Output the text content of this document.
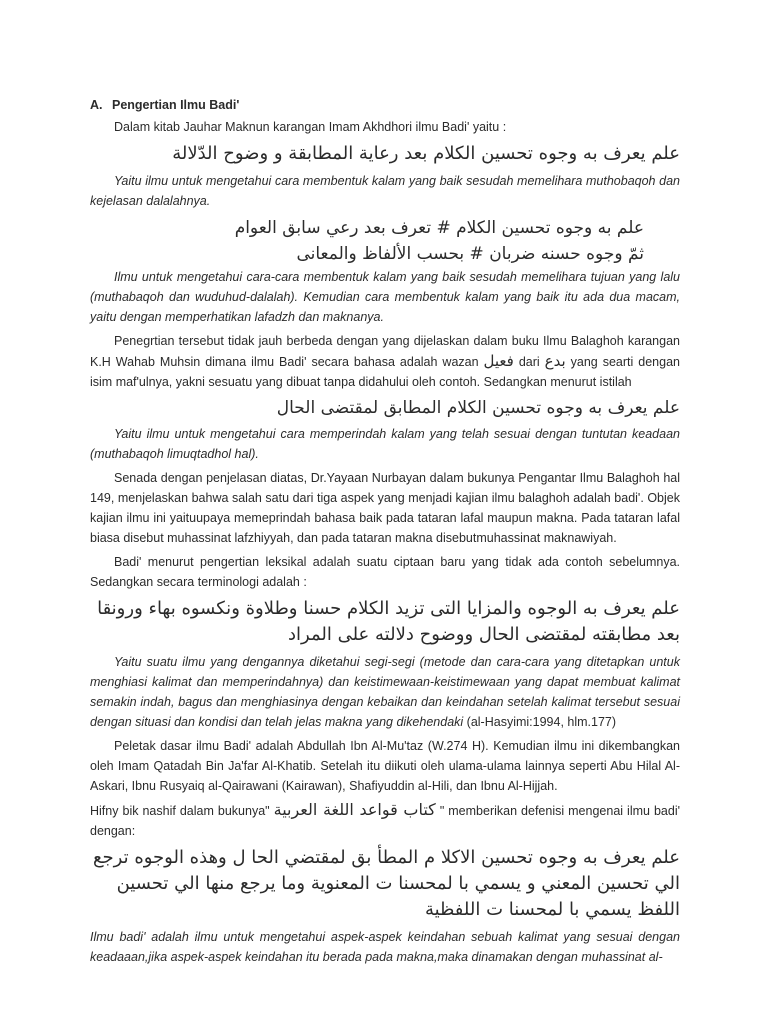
A. Pengertian Ilmu Badi'

Dalam kitab Jauhar Maknun karangan Imam Akhdhori ilmu Badi' yaitu :

علم يعرف به وجوه تحسين الكلام بعد رعاية المطابقة و وضوح الدّلالة

Yaitu ilmu untuk mengetahui cara membentuk kalam yang baik sesudah memelihara muthobaqoh dan kejelasan dalalahnya.

علم به وجوه تحسين الكلام # تعرف بعد رعي سابق العوام
ثمّ وجوه حسنه ضربان # بحسب الألفاظ والمعانى

Ilmu untuk mengetahui cara-cara membentuk kalam yang baik sesudah memelihara tujuan yang lalu (muthabaqoh dan wuduhud-dalalah). Kemudian cara membentuk kalam yang baik itu ada dua macam, yaitu dengan memperhatikan lafadzh dan maknanya.

Penegrtian tersebut tidak jauh berbeda dengan yang dijelaskan dalam buku Ilmu Balaghoh karangan K.H Wahab Muhsin dimana ilmu Badi' secara bahasa adalah wazan فعيل dari بدع yang searti dengan isim maf'ulnya, yakni sesuatu yang dibuat tanpa didahului oleh contoh. Sedangkan menurut istilah

علم يعرف به وجوه تحسين الكلام المطابق لمقتضى الحال

Yaitu ilmu untuk mengetahui cara memperindah kalam yang telah sesuai dengan tuntutan keadaan (muthabaqoh limuqtadhol hal).

Senada dengan penjelasan diatas, Dr.Yayaan Nurbayan dalam bukunya Pengantar Ilmu Balaghoh hal 149, menjelaskan bahwa salah satu dari tiga aspek yang menjadi kajian ilmu balaghoh adalah badi'. Objek kajian ilmu ini yaituupaya memeprindah bahasa baik pada tataran lafal maupun makna. Pada tataran lafal biasa disebut muhassinat lafzhiyyah, dan pada tataran makna disebutmuhassinat maknawiyah.

Badi' menurut pengertian leksikal adalah suatu ciptaan baru yang tidak ada contoh sebelumnya. Sedangkan secara terminologi adalah :

علم يعرف به الوجوه والمزايا التى تزيد الكلام حسنا وطلاوة ونكسوه بهاء ورونقا بعد مطابقته لمقتضى الحال ووضوح دلالته على المراد

Yaitu suatu ilmu yang dengannya diketahui segi-segi (metode dan cara-cara yang ditetapkan untuk menghiasi kalimat dan memperindahnya) dan keistimewaan-keistimewaan yang dapat membuat kalimat semakin indah, bagus dan menghiasinya dengan kebaikan dan keindahan setelah kalimat tersebut sesuai dengan situasi dan kondisi dan telah jelas makna yang dikehendaki (al-Hasyimi:1994, hlm.177)

Peletak dasar ilmu Badi' adalah Abdullah Ibn Al-Mu'taz (W.274 H). Kemudian ilmu ini dikembangkan oleh Imam Qatadah Bin Ja'far Al-Khatib. Setelah itu diikuti oleh ulama-ulama lainnya seperti Abu Hilal Al-Askari, Ibnu Rusyaiq al-Qairawani (Kairawan), Shafiyuddin al-Hili, dan Ibnu Al-Hijjah.

Hifny bik nashif dalam bukunya" كتاب قواعد اللغة العربية " memberikan defenisi mengenai ilmu badi' dengan:

علم يعرف به وجوه تحسين الاكلا م المطأ بق لمقتضي الحا ل وهذه الوجوه ترجع الي تحسين المعني و يسمي با لمحسنا ت المعنوية وما يرجع منها الي تحسين اللفظ يسمي با لمحسنا ت اللفظية

Ilmu badi' adalah ilmu untuk mengetahui aspek-aspek keindahan sebuah kalimat yang sesuai dengan keadaaan,jika aspek-aspek keindahan itu berada pada makna,maka dinamakan dengan muhassinat al-
